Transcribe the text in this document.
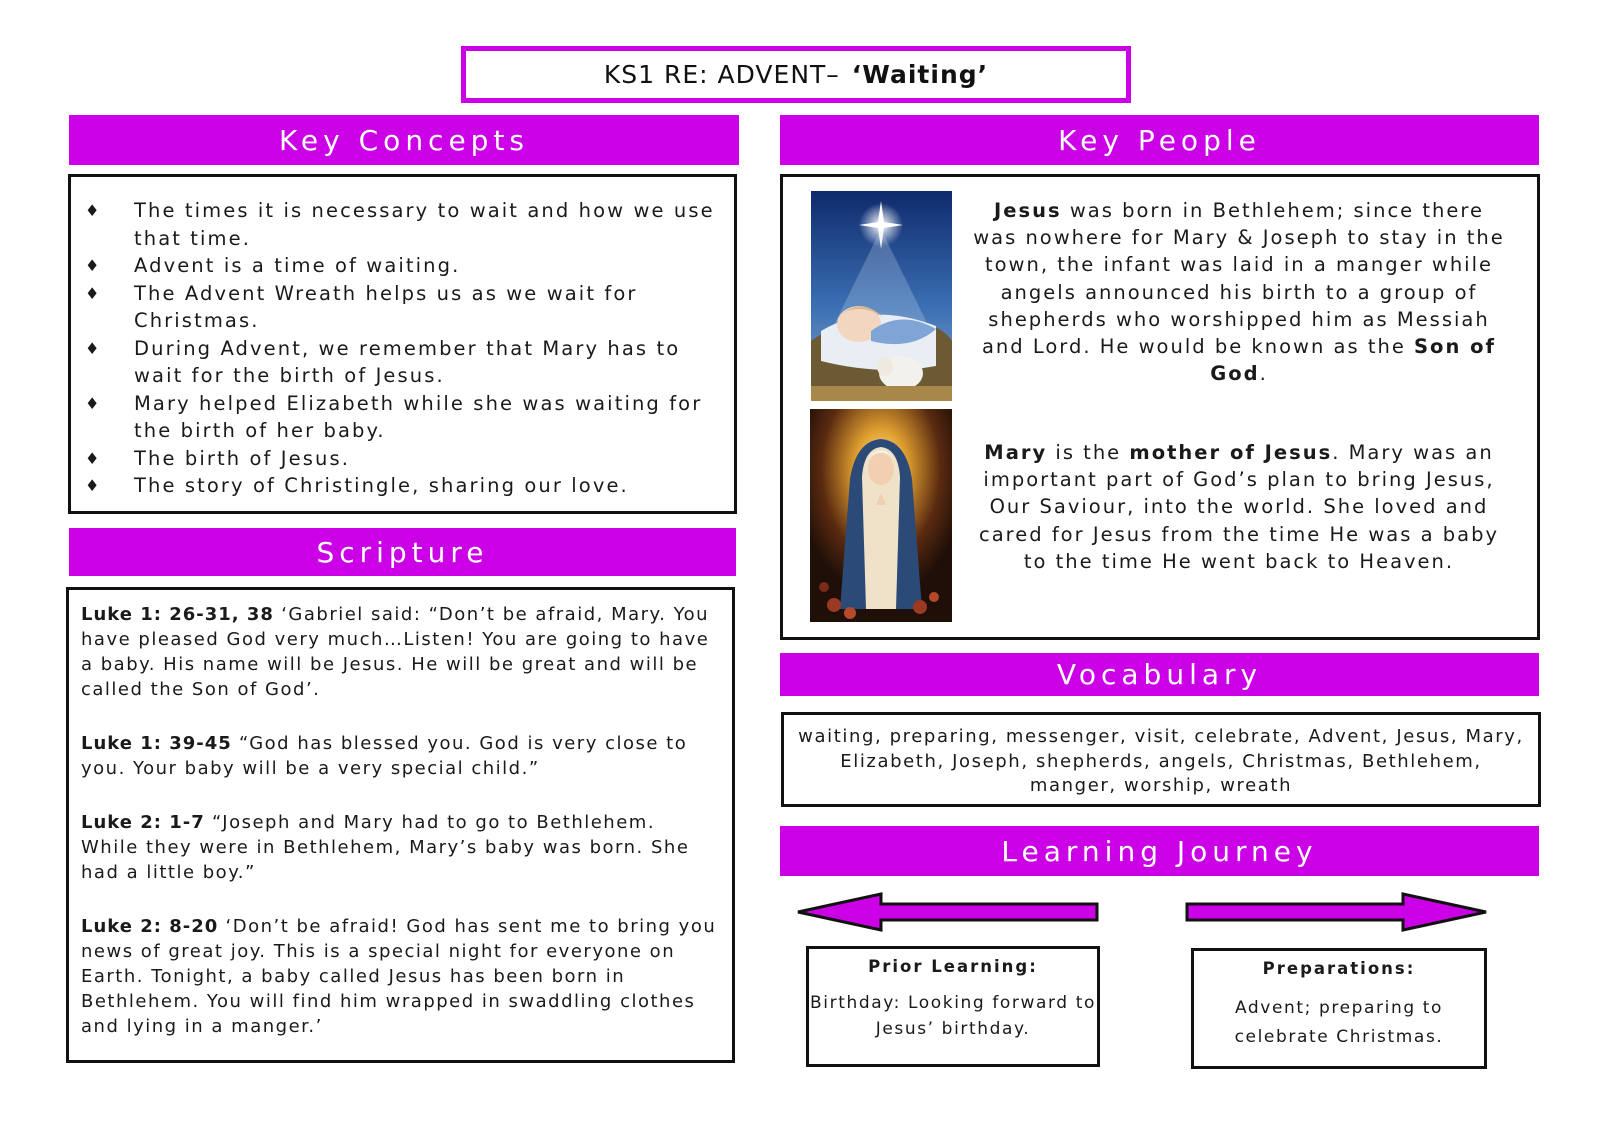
KS1 RE: ADVENT– ‘Waiting’
Key Concepts
♦ The times it is necessary to wait and how we use that time.
♦ Advent is a time of waiting.
♦ The Advent Wreath helps us as we wait for Christmas.
♦ During Advent, we remember that Mary has to wait for the birth of Jesus.
♦ Mary helped Elizabeth while she was waiting for the birth of her baby.
♦ The birth of Jesus.
♦ The story of Christingle, sharing our love.
Scripture

Luke 1: 26-31, 38 ‘Gabriel said: “Don’t be afraid, Mary. You have pleased God very much…Listen! You are going to have a baby. His name will be Jesus. He will be great and will be called the Son of God’.

Luke 1: 39-45 “God has blessed you. God is very close to you. Your baby will be a very special child.”

Luke 2: 1-7 “Joseph and Mary had to go to Bethlehem. While they were in Bethlehem, Mary’s baby was born. She had a little boy.”

Luke 2: 8-20 ‘Don’t be afraid! God has sent me to bring you news of great joy. This is a special night for everyone on Earth. Tonight, a baby called Jesus has been born in Bethlehem. You will find him wrapped in swaddling clothes and lying in a manger.’

Key People
Jesus was born in Bethlehem; since there was nowhere for Mary & Joseph to stay in the town, the infant was laid in a manger while angels announced his birth to a group of shepherds who worshipped him as Messiah and Lord. He would be known as the Son of God.
Mary is the mother of Jesus. Mary was an important part of God’s plan to bring Jesus, Our Saviour, into the world. She loved and cared for Jesus from the time He was a baby to the time He went back to Heaven.
Vocabulary
waiting, preparing, messenger, visit, celebrate, Advent, Jesus, Mary, Elizabeth, Joseph, shepherds, angels, Christmas, Bethlehem, manger, worship, wreath
Learning Journey
Prior Learning:
Birthday: Looking forward to Jesus’ birthday.
Preparations:
Advent; preparing to celebrate Christmas.
